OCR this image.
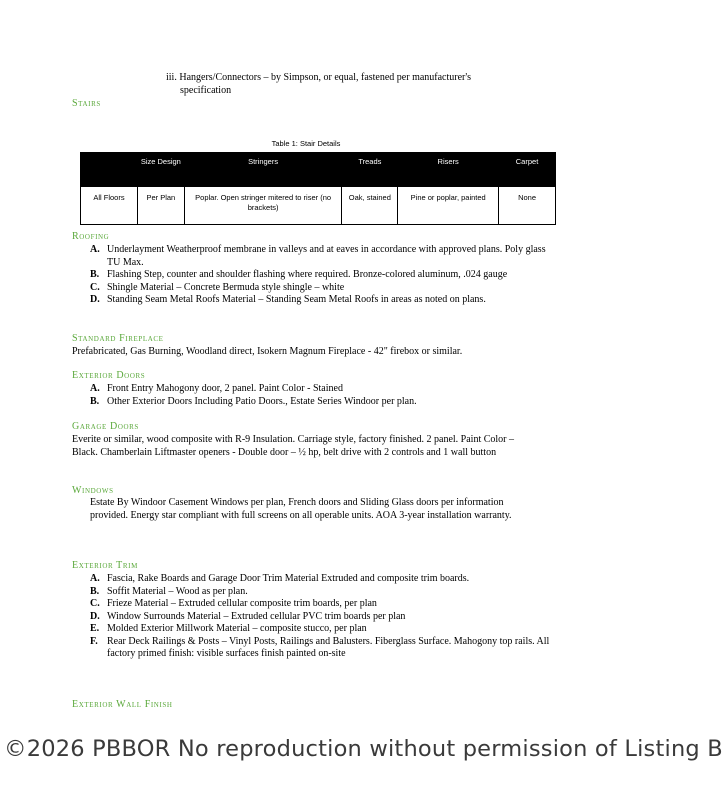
iii. Hangers/Connectors – by Simpson, or equal, fastened per manufacturer's
specification
Stairs
Table 1: Stair Details
	Size Design	Stringers	Treads	Risers	Carpet
All Floors	Per Plan	Poplar. Open stringer mitered to riser (no brackets)	Oak, stained	Pine or poplar, painted	None
Roofing
A. Underlayment Weatherproof membrane in valleys and at eaves in accordance with approved plans. Poly glass TU Max.
B. Flashing Step, counter and shoulder flashing where required. Bronze-colored aluminum, .024 gauge
C. Shingle Material – Concrete Bermuda style shingle – white
D. Standing Seam Metal Roofs Material – Standing Seam Metal Roofs in areas as noted on plans.
Standard Fireplace
Prefabricated, Gas Burning, Woodland direct, Isokern Magnum Fireplace - 42" firebox or similar.
Exterior Doors
A. Front Entry Mahogony door, 2 panel. Paint Color - Stained
B. Other Exterior Doors Including Patio Doors., Estate Series Windoor per plan.
Garage Doors
Everite or similar, wood composite with R-9 Insulation. Carriage style, factory finished. 2 panel. Paint Color – Black. Chamberlain Liftmaster openers - Double door – ½ hp, belt drive with 2 controls and 1 wall button
Windows
Estate By Windoor Casement Windows per plan, French doors and Sliding Glass doors per information provided. Energy star compliant with full screens on all operable units. AOA 3-year installation warranty.
Exterior Trim
A. Fascia, Rake Boards and Garage Door Trim Material Extruded and composite trim boards.
B. Soffit Material – Wood as per plan.
C. Frieze Material – Extruded cellular composite trim boards, per plan
D. Window Surrounds Material – Extruded cellular PVC trim boards per plan
E. Molded Exterior Millwork Material – composite stucco, per plan
F. Rear Deck Railings & Posts – Vinyl Posts, Railings and Balusters. Fiberglass Surface. Mahogony top rails. All factory primed finish: visible surfaces finish painted on-site
Exterior Wall Finish
©2026 PBBOR No reproduction without permission of Listing B
